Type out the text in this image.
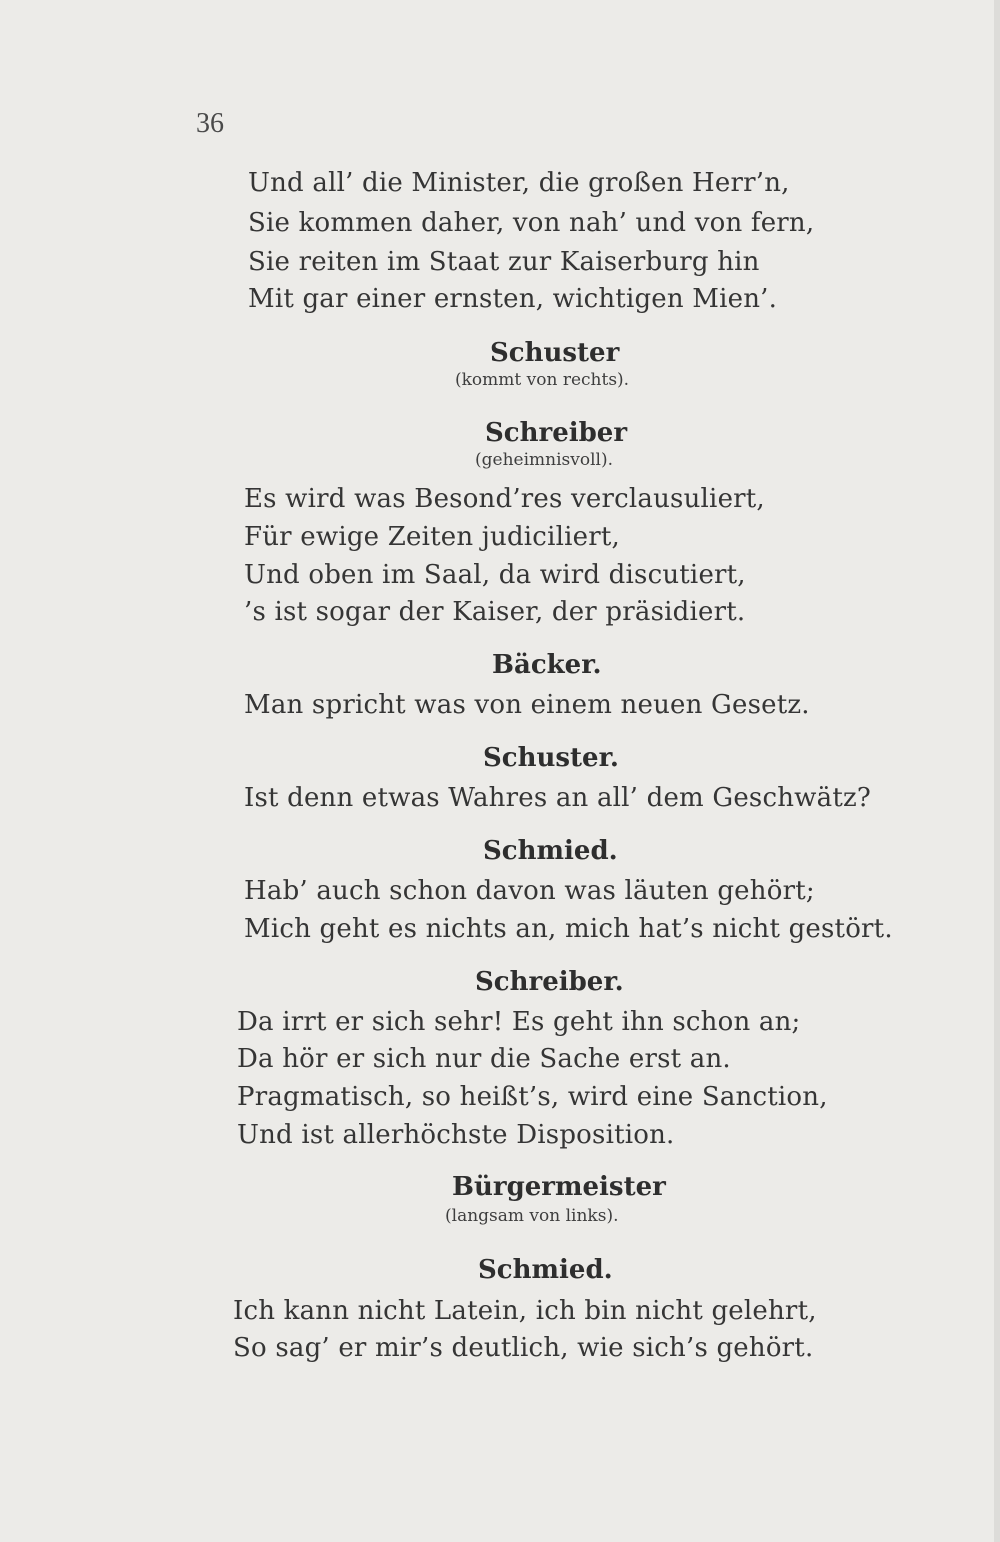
36
Und all’ die Minister, die großen Herr’n,
Sie kommen daher, von nah’ und von fern,
Sie reiten im Staat zur Kaiserburg hin
Mit gar einer ernsten, wichtigen Mien’.
Schuster
(kommt von rechts).
Schreiber
(geheimnisvoll).
Es wird was Besond’res verclausuliert,
Für ewige Zeiten judiciliert,
Und oben im Saal, da wird discutiert,
’s ist sogar der Kaiser, der präsidiert.
Bäcker.
Man spricht was von einem neuen Gesetz.
Schuster.
Ist denn etwas Wahres an all’ dem Geschwätz?
Schmied.
Hab’ auch schon davon was läuten gehört;
Mich geht es nichts an, mich hat’s nicht gestört.
Schreiber.
Da irrt er sich sehr! Es geht ihn schon an;
Da hör er sich nur die Sache erst an.
Pragmatisch, so heißt’s, wird eine Sanction,
Und ist allerhöchste Disposition.
Bürgermeister
(langsam von links).
Schmied.
Ich kann nicht Latein, ich bin nicht gelehrt,
So sag’ er mir’s deutlich, wie sich’s gehört.
